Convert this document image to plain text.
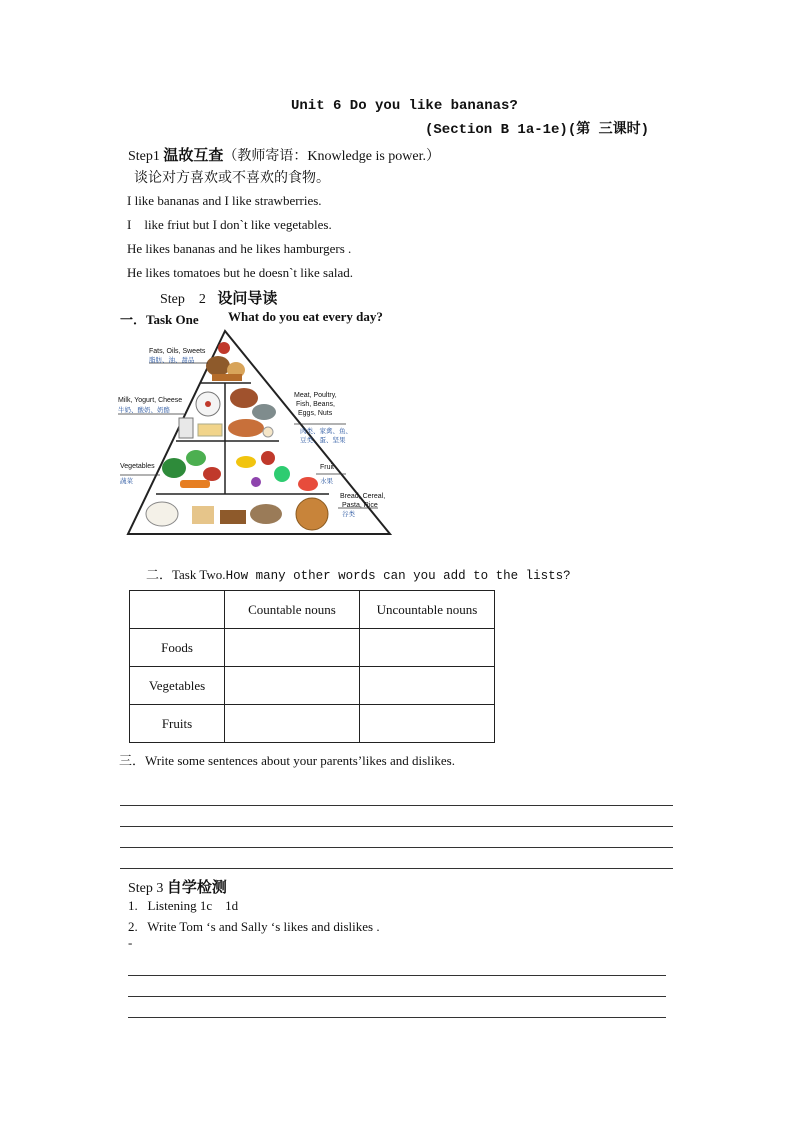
Unit 6 Do you like bananas?
(Section B 1a-1e)(第 三课时)
Step1 温故互查（教师寄语：Knowledge is power.）
谈论对方喜欢或不喜欢的食物。
I like bananas and I like strawberries.
I    like friut but I don`t like vegetables.
He likes bananas and he likes hamburgers .
He likes tomatoes but he doesn`t like salad.
Step    2 设问导读
一．Task One What do you eat every day?
Fats, Oils, Sweets
脂肪、油、甜品
Milk, Yogurt, Cheese
牛奶、酸奶、奶酪
Meat, Poultry,
Fish, Beans,
Eggs, Nuts
肉类、家禽、鱼、
豆类、蛋、坚果
Vegetables
蔬菜
Fruit
水果
Bread, Cereal,
Pasta, Rice
谷类
二．Task Two.How many other words can you add to the lists?
	Countable nouns	Uncountable nouns
Foods		
Vegetables		
Fruits		
三．Write some sentences about your parents’likes and dislikes.
Step 3 自学检测
1. Listening 1c    1d
2. Write Tom ‘s and Sally ‘s likes and dislikes .
-
